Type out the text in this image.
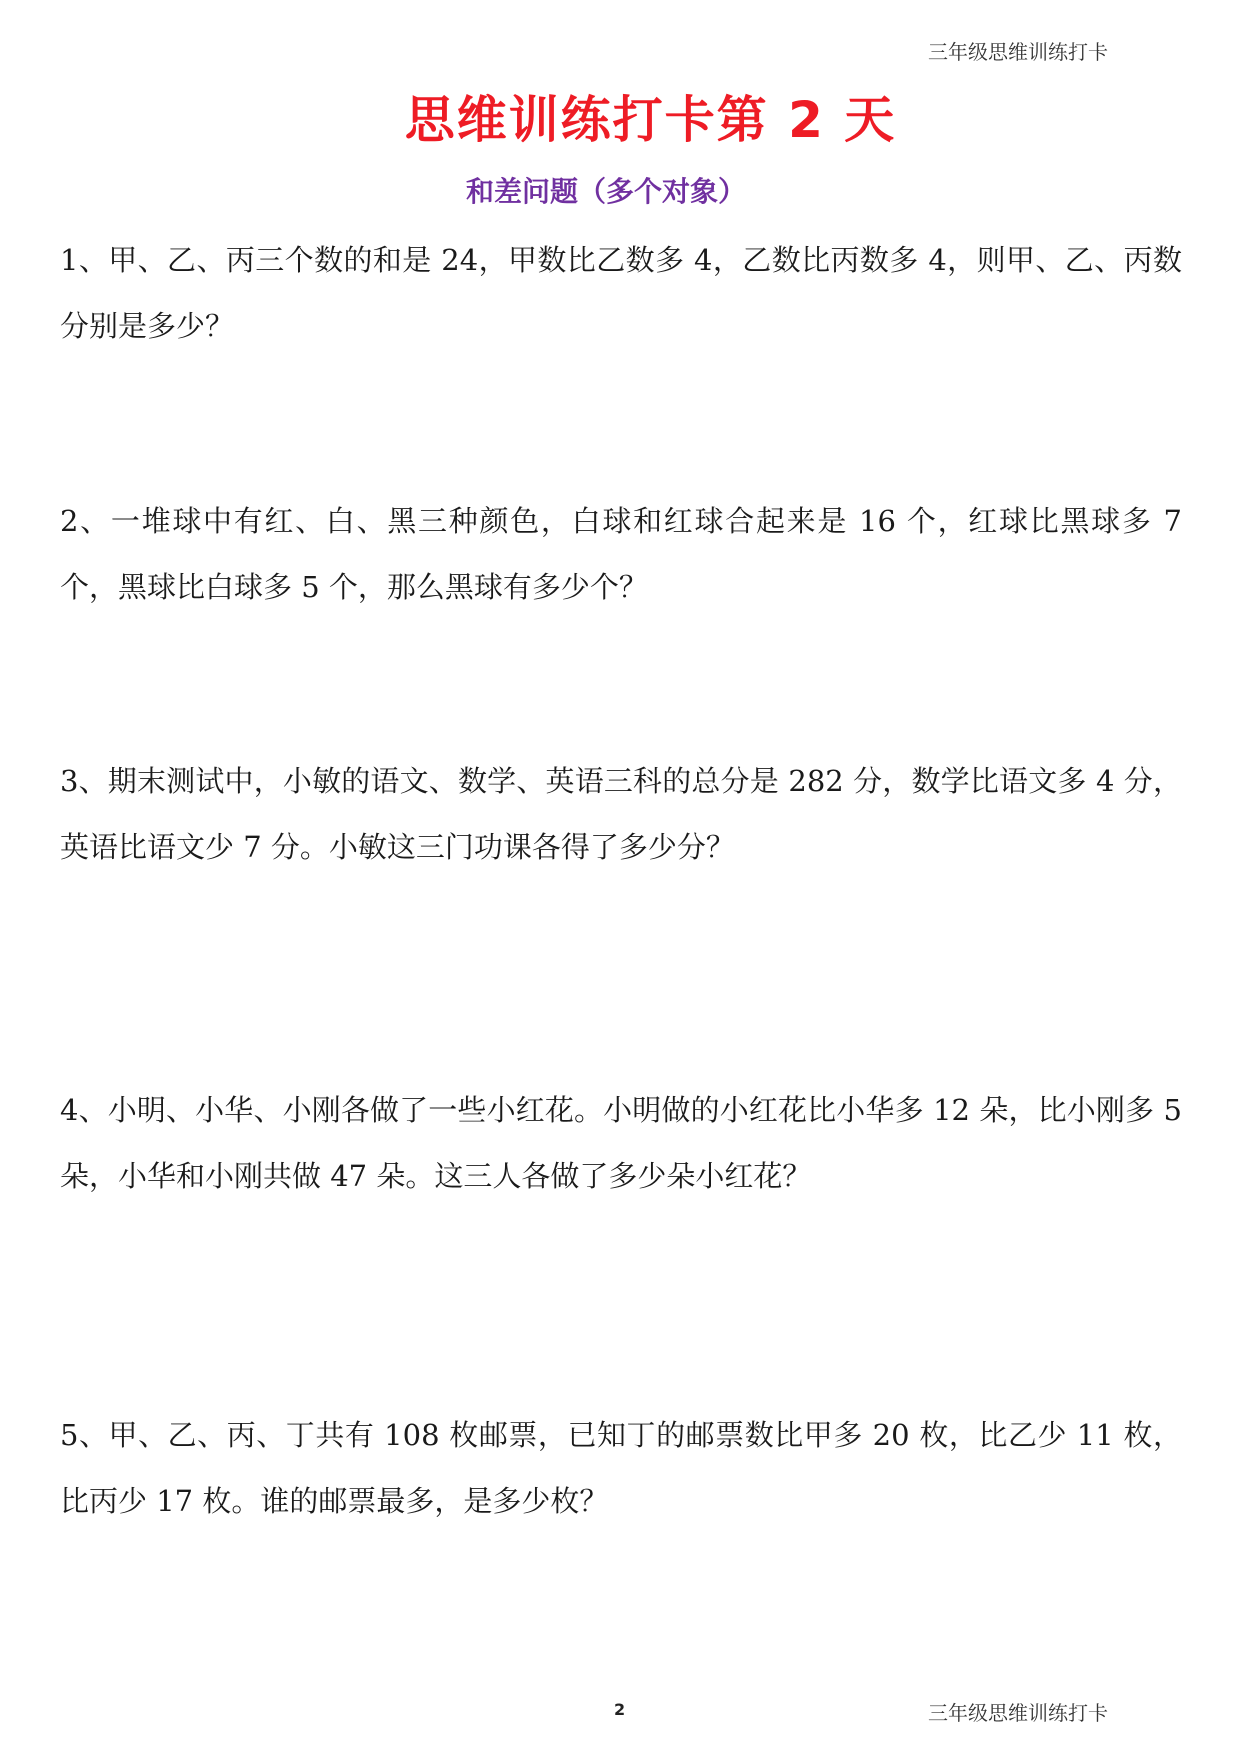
三年级思维训练打卡
思维训练打卡第 2 天
和差问题（多个对象）
1、甲、乙、丙三个数的和是 24，甲数比乙数多 4，乙数比丙数多 4，则甲、乙、丙数分别是多少？
2、一堆球中有红、白、黑三种颜色，白球和红球合起来是 16 个，红球比黑球多 7 个，黑球比白球多 5 个，那么黑球有多少个？
3、期末测试中，小敏的语文、数学、英语三科的总分是 282 分，数学比语文多 4 分，英语比语文少 7 分。小敏这三门功课各得了多少分？
4、小明、小华、小刚各做了一些小红花。小明做的小红花比小华多 12 朵，比小刚多 5 朵，小华和小刚共做 47 朵。这三人各做了多少朵小红花？
5、甲、乙、丙、丁共有 108 枚邮票，已知丁的邮票数比甲多 20 枚，比乙少 11 枚，比丙少 17 枚。谁的邮票最多，是多少枚？
2	三年级思维训练打卡
